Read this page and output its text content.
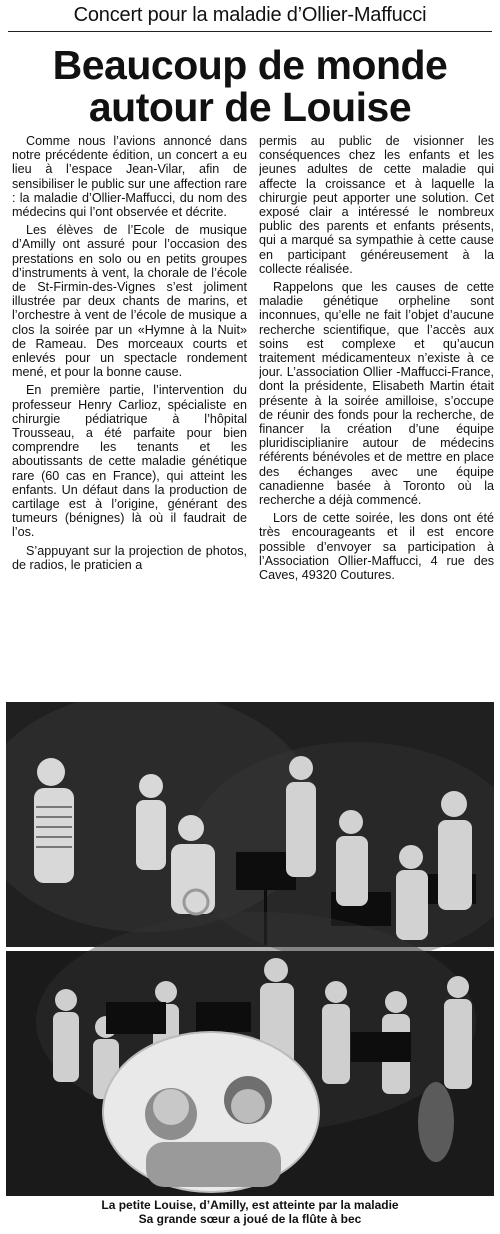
Concert pour la maladie d’Ollier-Maffucci
Beaucoup de monde autour de Louise

Comme nous l’avions annoncé dans notre précédente édition, un concert a eu lieu à l’espace Jean-Vilar, afin de sensibiliser le public sur une affection rare : la maladie d’Ollier-Maffucci, du nom des médecins qui l’ont observée et décrite.

Les élèves de l’Ecole de musique d’Amilly ont assuré pour l’occasion des prestations en solo ou en petits groupes d’instruments à vent, la chorale de l’école de St-Firmin-des-Vignes s’est joliment illustrée par deux chants de marins, et l’orchestre à vent de l’école de musique a clos la soirée par un «Hymne à la Nuit» de Rameau. Des morceaux courts et enlevés pour un spectacle rondement mené, et pour la bonne cause.

En première partie, l’intervention du professeur Henry Carlioz, spécialiste en chirurgie pédiatrique à l’hôpital Trousseau, a été parfaite pour bien comprendre les tenants et les aboutissants de cette maladie génétique rare (60 cas en France), qui atteint les enfants. Un défaut dans la production de cartilage est à l’origine, générant des tumeurs (bénignes) là où il faudrait de l’os.

S’appuyant sur la projection de photos, de radios, le praticien a

permis au public de visionner les conséquences chez les enfants et les jeunes adultes de cette maladie qui affecte la croissance et à laquelle la chirurgie peut apporter une solution. Cet exposé clair a intéressé le nombreux public des parents et enfants présents, qui a marqué sa sympathie à cette cause en participant généreusement à la collecte réalisée.

Rappelons que les causes de cette maladie génétique orpheline sont inconnues, qu’elle ne fait l’objet d’aucune recherche scientifique, que l’accès aux soins est complexe et qu’aucun traitement médicamenteux n’existe à ce jour. L’association Ollier -Maffucci-France, dont la présidente, Elisabeth Martin était présente à la soirée amilloise, s’occupe de réunir des fonds pour la recherche, de financer la création d’une équipe pluridisciplianire autour de médecins référents bénévoles et de mettre en place des échanges avec une équipe canadienne basée à Toronto où la recherche a déjà commencé.

Lors de cette soirée, les dons ont été très encourageants et il est encore possible d’envoyer sa participation à l’Association Ollier-Maffucci, 4 rue des Caves, 49320 Coutures.

La petite Louise, d’Amilly, est atteinte par la maladie
Sa grande sœur a joué de la flûte à bec
